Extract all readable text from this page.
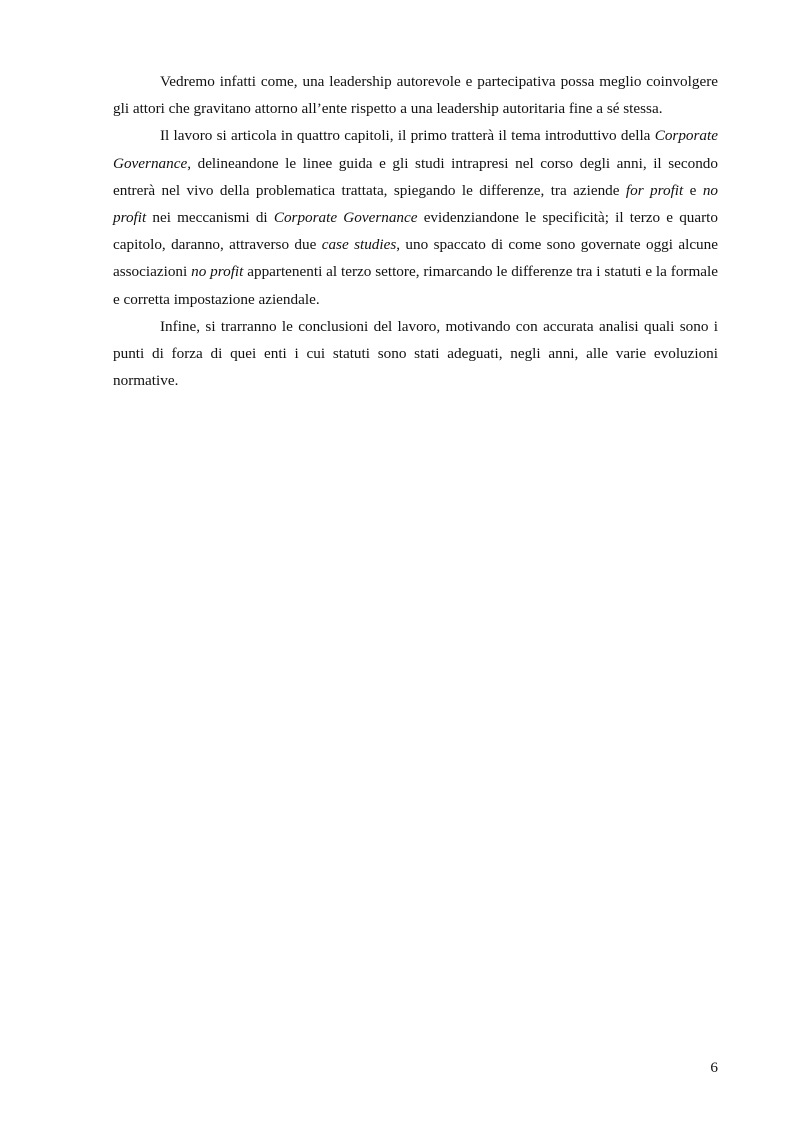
Vedremo infatti come, una leadership autorevole e partecipativa possa meglio coinvolgere gli attori che gravitano attorno all’ente rispetto a una leadership autoritaria fine a sé stessa.

Il lavoro si articola in quattro capitoli, il primo tratterà il tema introduttivo della Corporate Governance, delineandone le linee guida e gli studi intrapresi nel corso degli anni, il secondo entrerà nel vivo della problematica trattata, spiegando le differenze, tra aziende for profit e no profit nei meccanismi di Corporate Governance evidenziandone le specificità; il terzo e quarto capitolo, daranno, attraverso due case studies, uno spaccato di come sono governate oggi alcune associazioni no profit appartenenti al terzo settore, rimarcando le differenze tra i statuti e la formale e corretta impostazione aziendale.

Infine, si trarranno le conclusioni del lavoro, motivando con accurata analisi quali sono i punti di forza di quei enti i cui statuti sono stati adeguati, negli anni, alle varie evoluzioni normative.

6
